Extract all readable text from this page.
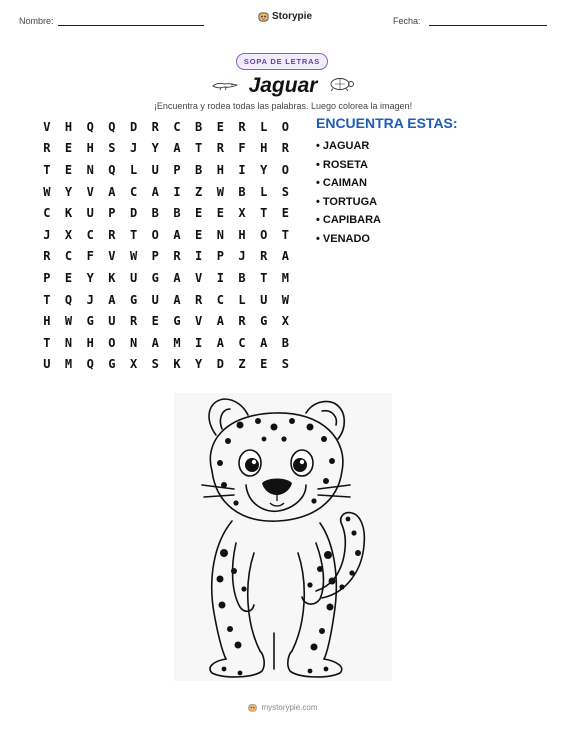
Nombre:	Storypie	Fecha:
SOPA DE LETRAS
Jaguar
¡Encuentra y rodea todas las palabras. Luego colorea la imagen!
V	H	Q	Q	D	R	C	B	E	R	L	O
R	E	H	S	J	Y	A	T	R	F	H	R
T	E	N	Q	L	U	P	B	H	I	Y	O
W	Y	V	A	C	A	I	Z	W	B	L	S
C	K	U	P	D	B	B	E	E	X	T	E
J	X	C	R	T	O	A	E	N	H	O	T
R	C	F	V	W	P	R	I	P	J	R	A
P	E	Y	K	U	G	A	V	I	B	T	M
T	Q	J	A	G	U	A	R	C	L	U	W
H	W	G	U	R	E	G	V	A	R	G	X
T	N	H	O	N	A	M	I	A	C	A	B
U	M	Q	G	X	S	K	Y	D	Z	E	S
ENCUENTRA ESTAS:
• JAGUAR
• ROSETA
• CAIMAN
• TORTUGA
• CAPIBARA
• VENADO
mystorypie.com
